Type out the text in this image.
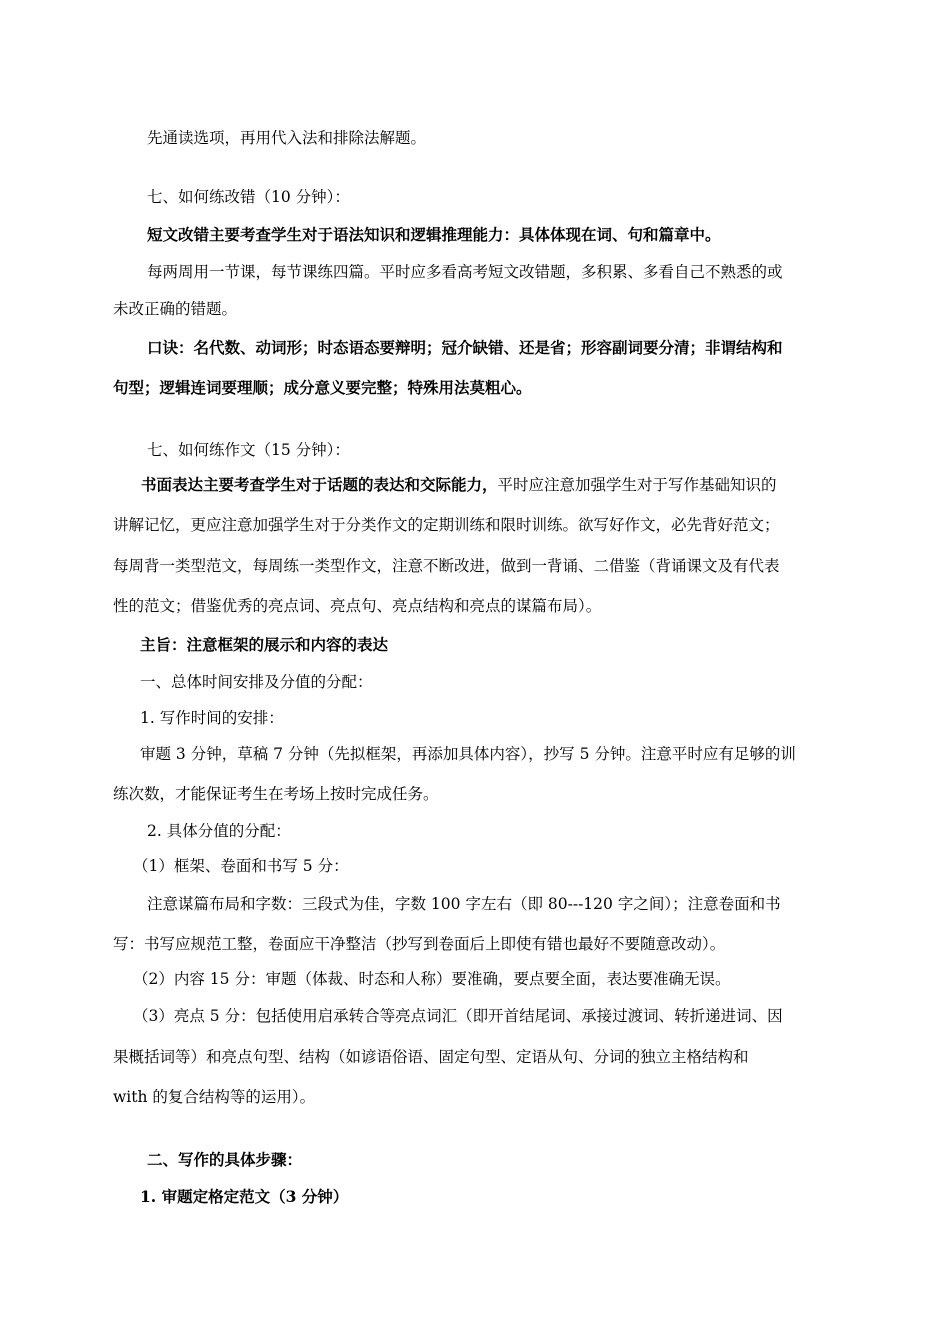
先通读选项，再用代入法和排除法解题。
七、如何练改错（10 分钟）：
短文改错主要考查学生对于语法知识和逻辑推理能力：具体体现在词、句和篇章中。
每两周用一节课，每节课练四篇。平时应多看高考短文改错题，多积累、多看自己不熟悉的或
未改正确的错题。
口诀：名代数、动词形；时态语态要辩明；冠介缺错、还是省；形容副词要分清；非谓结构和
句型；逻辑连词要理顺；成分意义要完整；特殊用法莫粗心。
七、如何练作文（15 分钟）：
书面表达主要考查学生对于话题的表达和交际能力，平时应注意加强学生对于写作基础知识的
讲解记忆，更应注意加强学生对于分类作文的定期训练和限时训练。欲写好作文，必先背好范文；
每周背一类型范文，每周练一类型作文，注意不断改进，做到一背诵、二借鉴（背诵课文及有代表
性的范文；借鉴优秀的亮点词、亮点句、亮点结构和亮点的谋篇布局）。
主旨：注意框架的展示和内容的表达
一、总体时间安排及分值的分配：
1. 写作时间的安排：
审题 3 分钟，草稿 7 分钟（先拟框架，再添加具体内容），抄写 5 分钟。注意平时应有足够的训
练次数，才能保证考生在考场上按时完成任务。
2. 具体分值的分配：
（1）框架、卷面和书写 5 分：
注意谋篇布局和字数：三段式为佳，字数 100 字左右（即 80---120 字之间）；注意卷面和书
写：书写应规范工整，卷面应干净整洁（抄写到卷面后上即使有错也最好不要随意改动）。
（2）内容 15 分：审题（体裁、时态和人称）要准确，要点要全面，表达要准确无误。
（3）亮点 5 分：包括使用启承转合等亮点词汇（即开首结尾词、承接过渡词、转折递进词、因
果概括词等）和亮点句型、结构（如谚语俗语、固定句型、定语从句、分词的独立主格结构和
with 的复合结构等的运用）。
二、写作的具体步骤：
1. 审题定格定范文（3 分钟）
